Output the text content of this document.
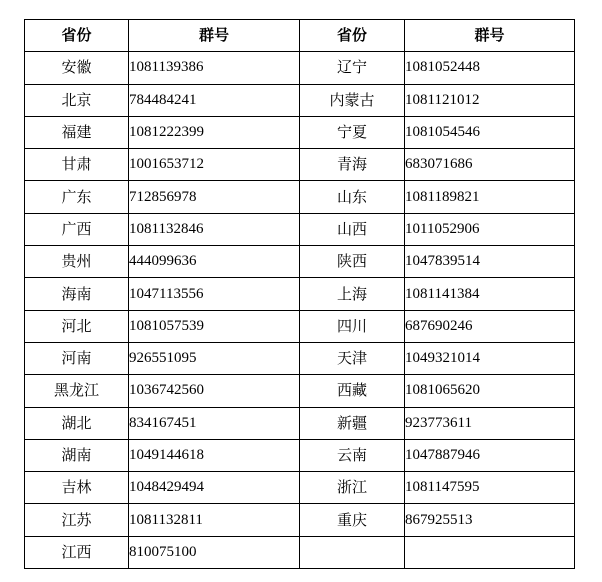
省份	群号	省份	群号
安徽	1081139386	辽宁	1081052448
北京	784484241	内蒙古	1081121012
福建	1081222399	宁夏	1081054546
甘肃	1001653712	青海	683071686
广东	712856978	山东	1081189821
广西	1081132846	山西	1011052906
贵州	444099636	陕西	1047839514
海南	1047113556	上海	1081141384
河北	1081057539	四川	687690246
河南	926551095	天津	1049321014
黑龙江	1036742560	西藏	1081065620
湖北	834167451	新疆	923773611
湖南	1049144618	云南	1047887946
吉林	1048429494	浙江	1081147595
江苏	1081132811	重庆	867925513
江西	810075100		
